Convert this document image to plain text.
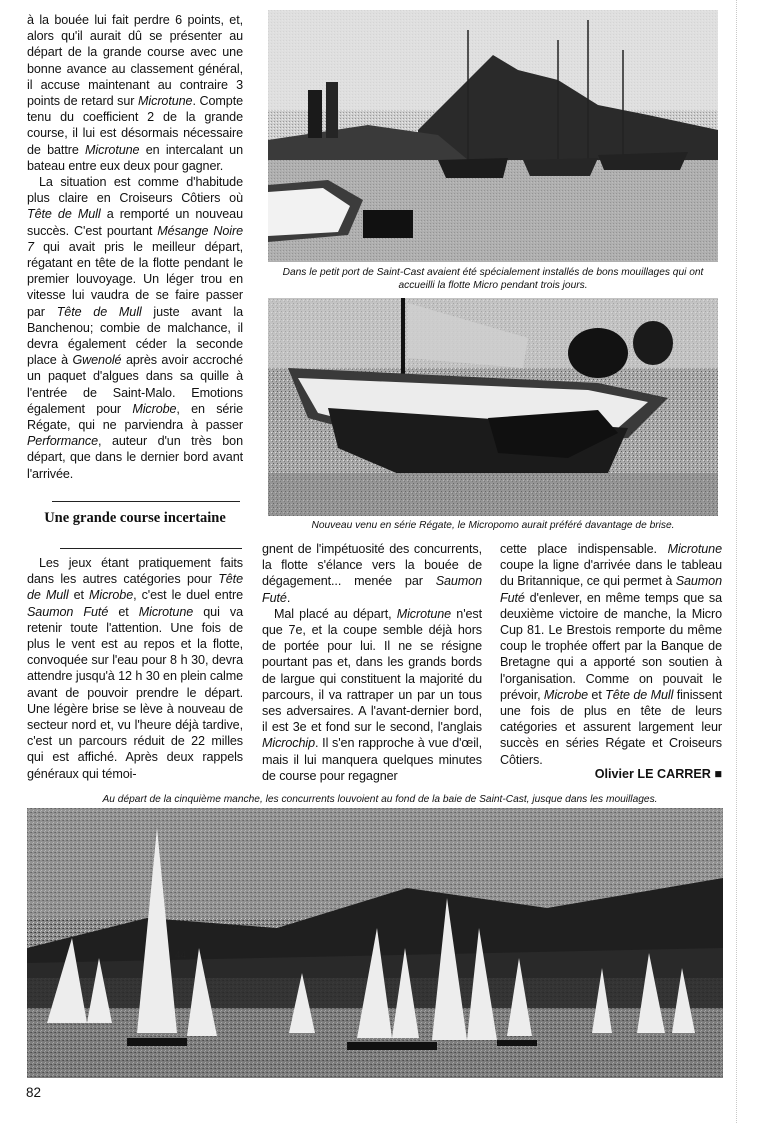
à la bouée lui fait perdre 6 points, et, alors qu'il aurait dû se présenter au départ de la grande course avec une bonne avance au classement général, il accuse maintenant au contraire 3 points de retard sur Microtune. Compte tenu du coefficient 2 de la grande course, il lui est désormais nécessaire de battre Microtune en intercalant un bateau entre eux deux pour gagner.

La situation est comme d'habitude plus claire en Croiseurs Côtiers où Tête de Mull a remporté un nouveau succès. C'est pourtant Mésange Noire 7 qui avait pris le meilleur départ, régatant en tête de la flotte pendant le premier louvoyage. Un léger trou en vitesse lui vaudra de se faire passer par Tête de Mull juste avant la Banchenou; combie de malchance, il devra également céder la seconde place à Gwenolé après avoir accroché un paquet d'algues dans sa quille à l'entrée de Saint-Malo. Emotions également pour Microbe, en série Régate, qui ne parviendra à passer Performance, auteur d'un très bon départ, que dans le dernier bord avant l'arrivée.

Une grande course incertaine

Les jeux étant pratiquement faits dans les autres catégories pour Tête de Mull et Microbe, c'est le duel entre Saumon Futé et Microtune qui va retenir toute l'attention. Une fois de plus le vent est au repos et la flotte, convoquée sur l'eau pour 8 h 30, devra attendre jusqu'à 12 h 30 en plein calme avant de pouvoir prendre le départ. Une légère brise se lève à nouveau de secteur nord et, vu l'heure déjà tardive, c'est un parcours réduit de 22 milles qui est affiché. Après deux rappels généraux qui témoi-

gnent de l'impétuosité des concurrents, la flotte s'élance vers la bouée de dégagement... menée par Saumon Futé.

Mal placé au départ, Microtune n'est que 7e, et la coupe semble déjà hors de portée pour lui. Il ne se résigne pourtant pas et, dans les grands bords de largue qui constituent la majorité du parcours, il va rattraper un par un tous ses adversaires. A l'avant-dernier bord, il est 3e et fond sur le second, l'anglais Microchip. Il s'en rapproche à vue d'œil, mais il lui manquera quelques minutes de course pour regagner

cette place indispensable. Microtune coupe la ligne d'arrivée dans le tableau du Britannique, ce qui permet à Saumon Futé d'enlever, en même temps que sa deuxième victoire de manche, la Micro Cup 81. Le Brestois remporte du même coup le trophée offert par la Banque de Bretagne qui a apporté son soutien à l'organisation. Comme on pouvait le prévoir, Microbe et Tête de Mull finissent une fois de plus en tête de leurs catégories et assurent largement leur succès en séries Régate et Croiseurs Côtiers.

Olivier LE CARRER ■
Dans le petit port de Saint-Cast avaient été spécialement installés de bons mouillages qui ont accueilli la flotte Micro pendant trois jours.
Nouveau venu en série Régate, le Micropomo aurait préféré davantage de brise.
Au départ de la cinquième manche, les concurrents louvoient au fond de la baie de Saint-Cast, jusque dans les mouillages.
44
82
